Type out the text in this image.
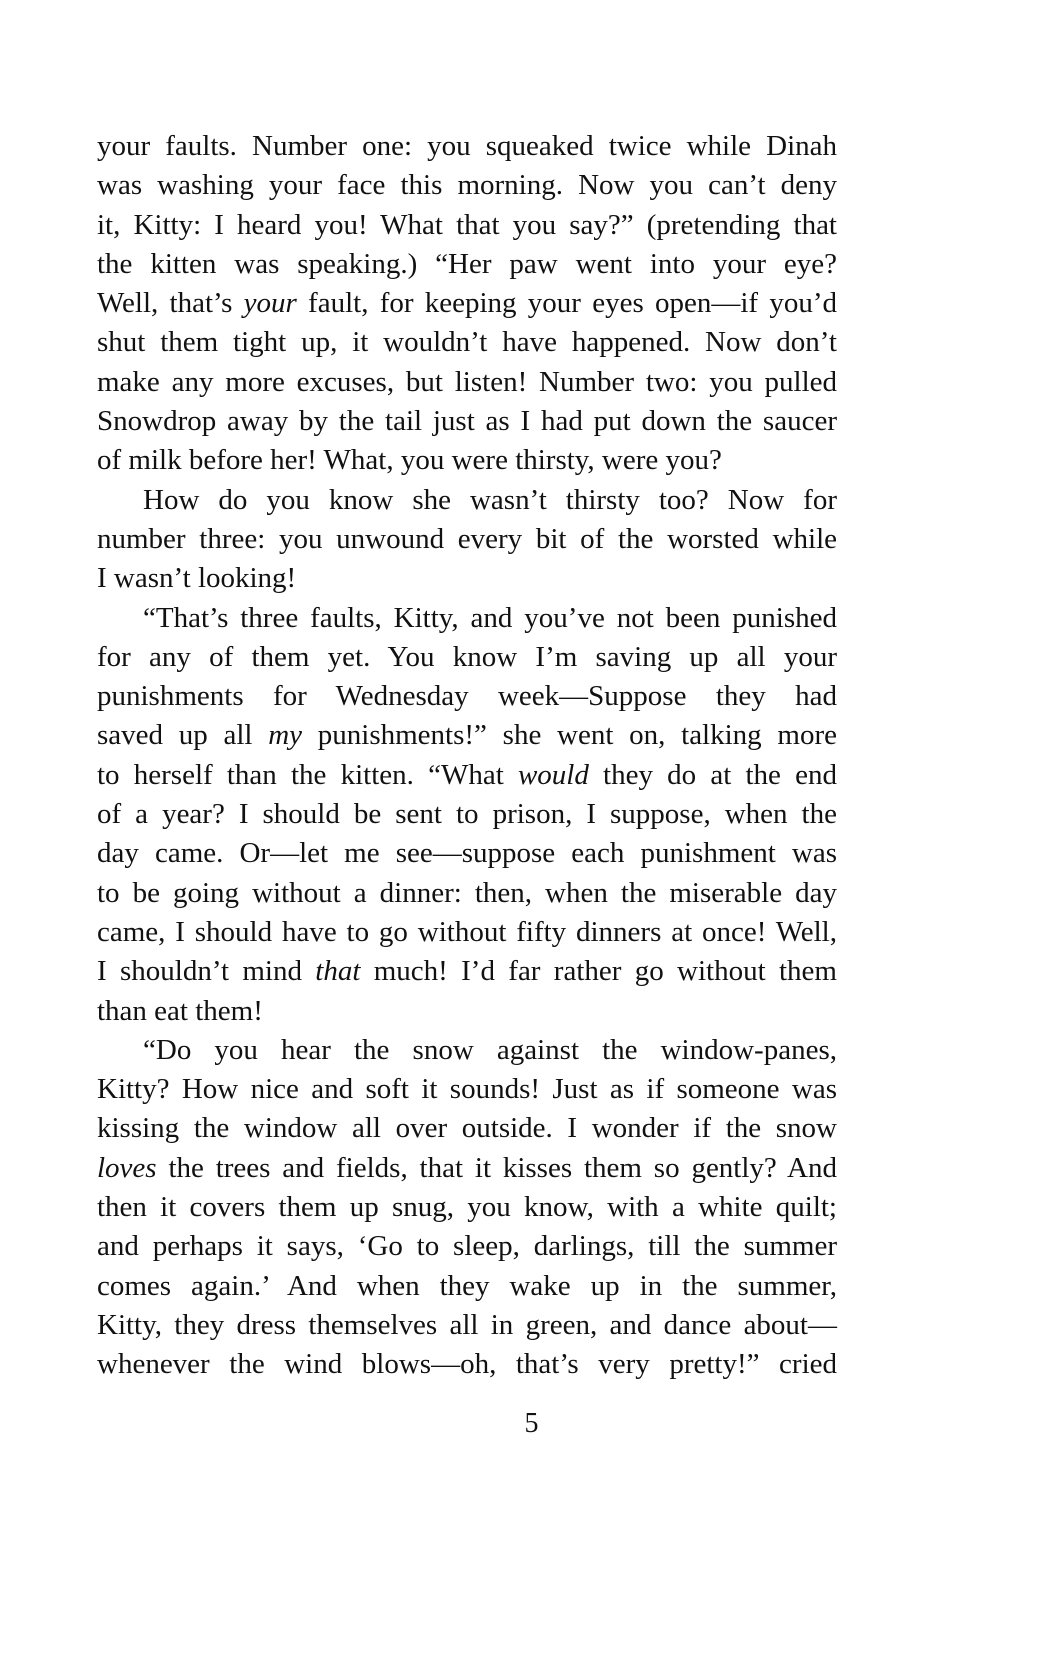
your faults. Number one: you squeaked twice while Dinah
was washing your face this morning. Now you can’t deny
it, Kitty: I heard you! What that you say?” (pretending that
the kitten was speaking.) “Her paw went into your eye?
Well, that’s your fault, for keeping your eyes open—if you’d
shut them tight up, it wouldn’t have happened. Now don’t
make any more excuses, but listen! Number two: you pulled
Snowdrop away by the tail just as I had put down the saucer
of milk before her! What, you were thirsty, were you?
How do you know she wasn’t thirsty too? Now for
number three: you unwound every bit of the worsted while
I wasn’t looking!
“That’s three faults, Kitty, and you’ve not been punished
for any of them yet. You know I’m saving up all your
punishments for Wednesday week—Suppose they had
saved up all my punishments!” she went on, talking more
to herself than the kitten. “What would they do at the end
of a year? I should be sent to prison, I suppose, when the
day came. Or—let me see—suppose each punishment was
to be going without a dinner: then, when the miserable day
came, I should have to go without fifty dinners at once! Well,
I shouldn’t mind that much! I’d far rather go without them
than eat them!
“Do you hear the snow against the window-panes,
Kitty? How nice and soft it sounds! Just as if someone was
kissing the window all over outside. I wonder if the snow
loves the trees and fields, that it kisses them so gently? And
then it covers them up snug, you know, with a white quilt;
and perhaps it says, ‘Go to sleep, darlings, till the summer
comes again.’ And when they wake up in the summer,
Kitty, they dress themselves all in green, and dance about—
whenever the wind blows—oh, that’s very pretty!” cried
5
